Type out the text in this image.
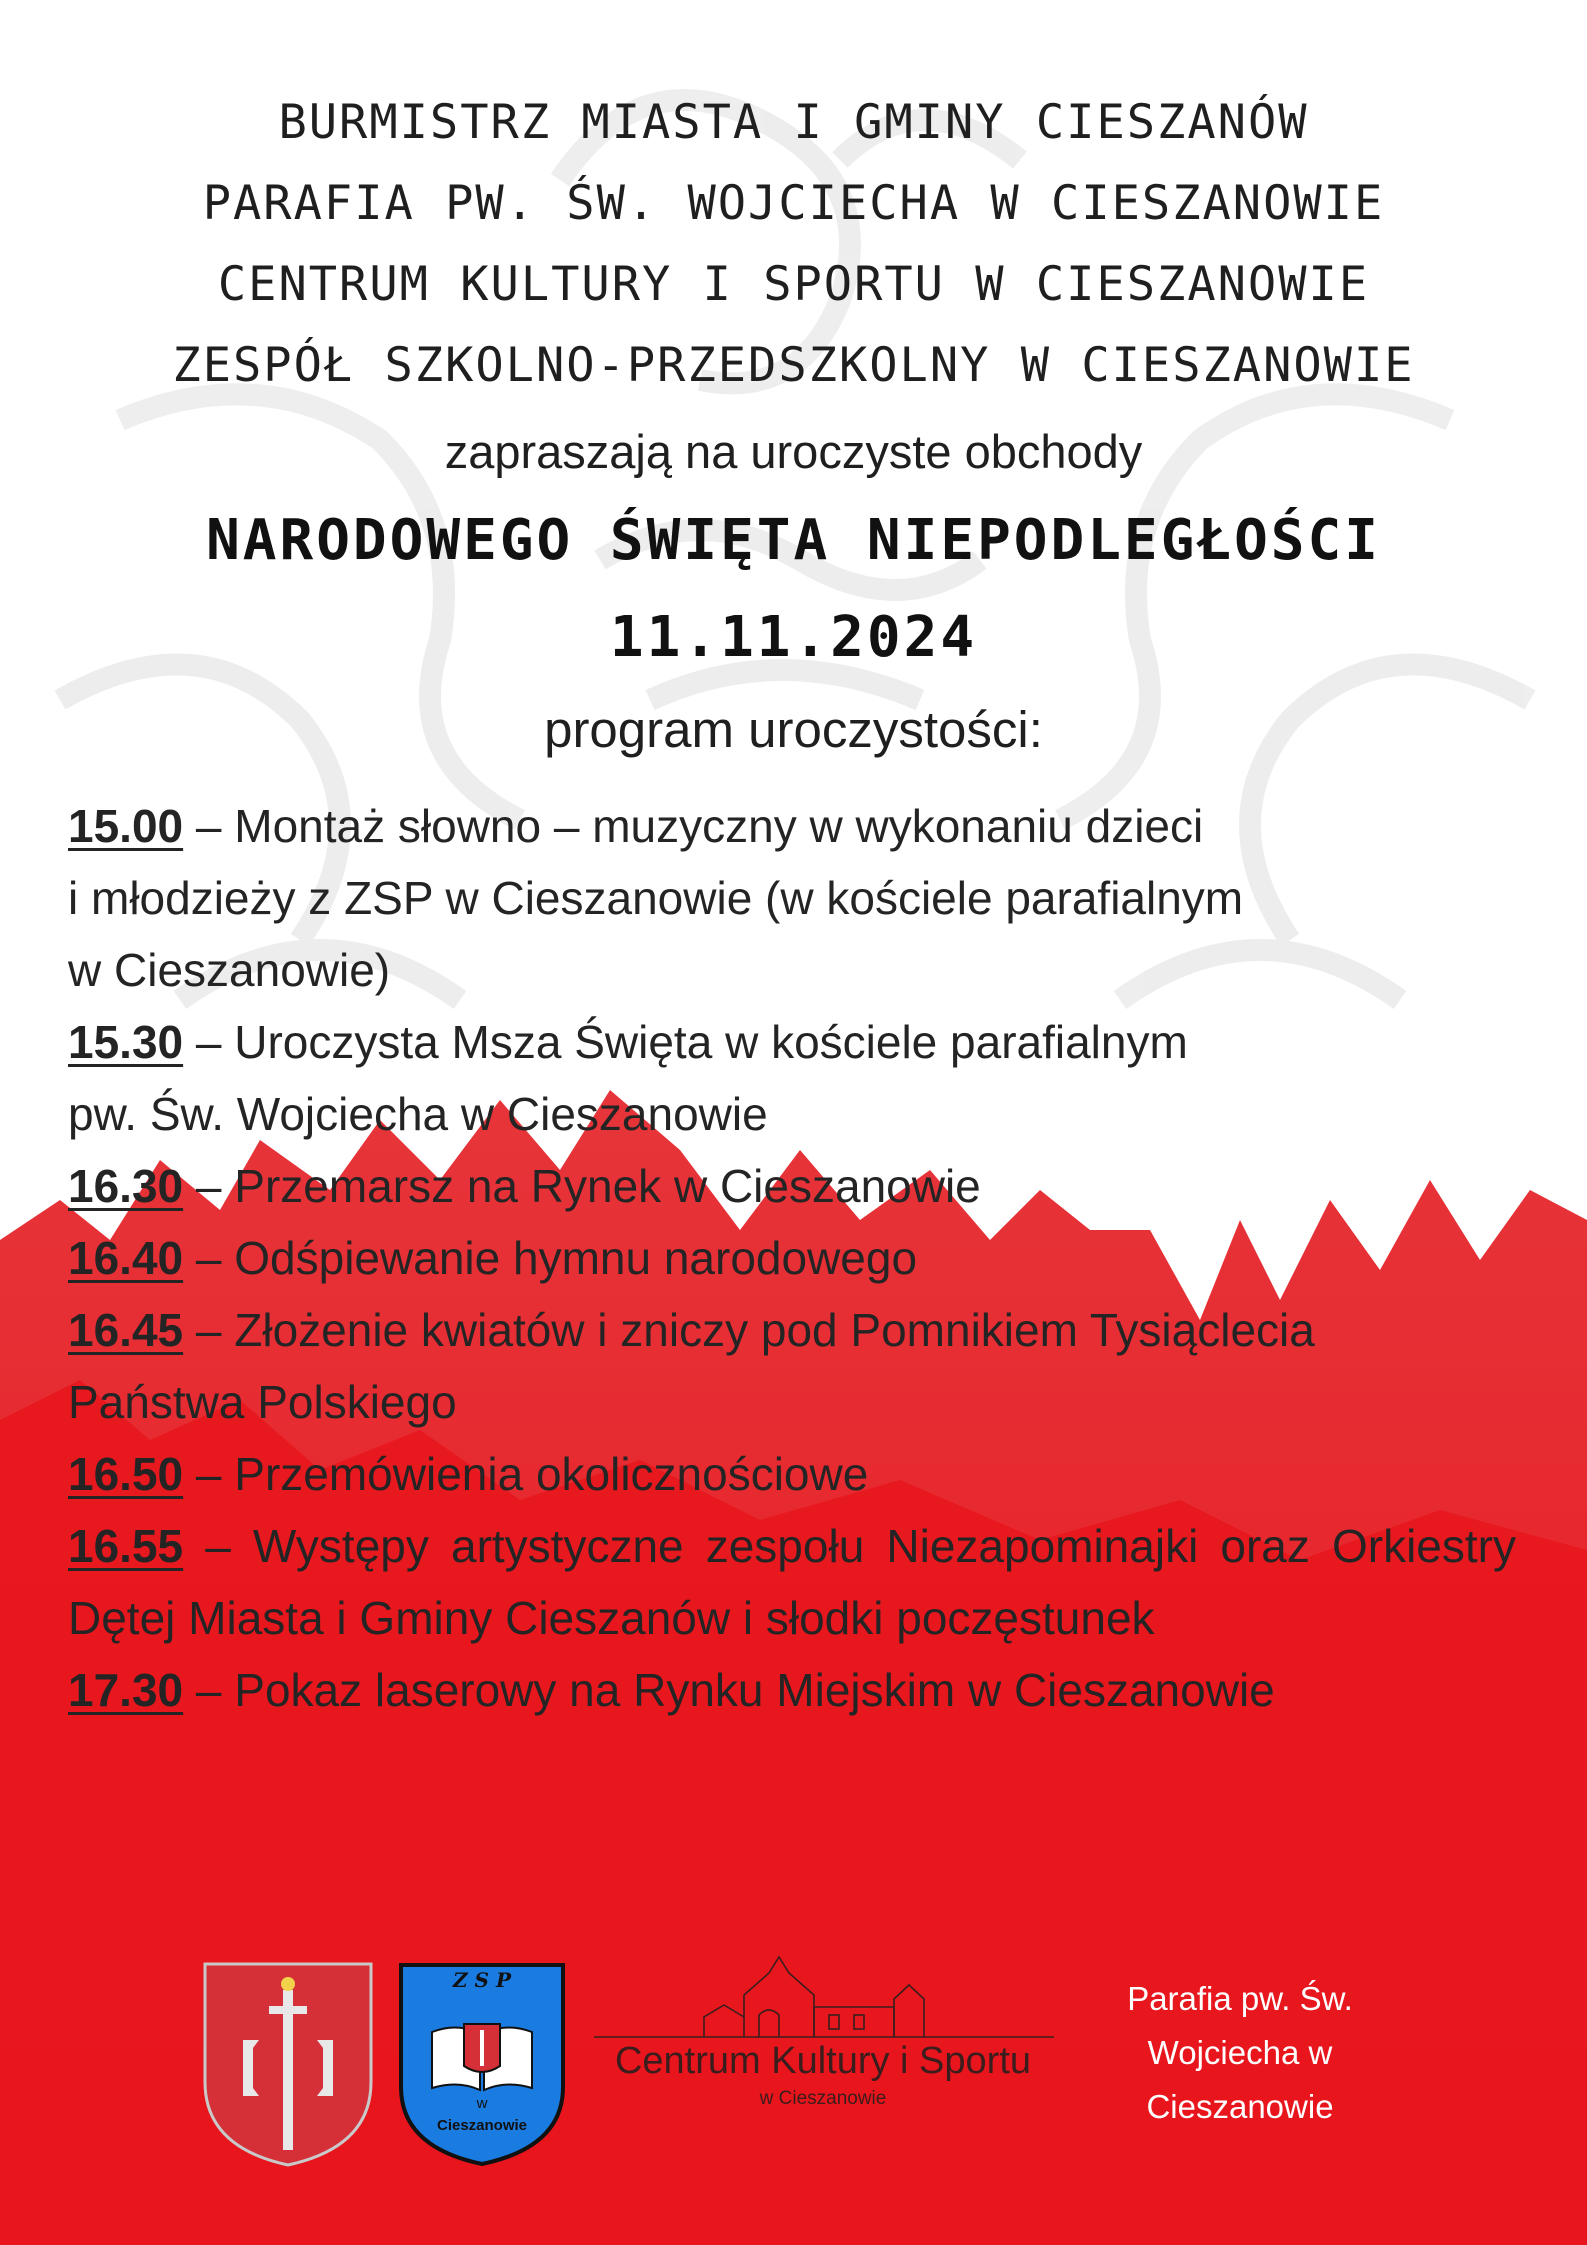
BURMISTRZ MIASTA I GMINY CIESZANÓW
PARAFIA PW. ŚW. WOJCIECHA W CIESZANOWIE
CENTRUM KULTURY I SPORTU W CIESZANOWIE
ZESPÓŁ SZKOLNO-PRZEDSZKOLNY W CIESZANOWIE
zapraszają na uroczyste obchody
NARODOWEGO ŚWIĘTA NIEPODLEGŁOŚCI
11.11.2024
program uroczystości:

15.00 – Montaż słowno – muzyczny w wykonaniu dzieci
i młodzieży z ZSP w Cieszanowie (w kościele parafialnym
w Cieszanowie)

15.30 – Uroczysta Msza Święta w kościele parafialnym
pw. Św. Wojciecha w Cieszanowie

16.30 – Przemarsz na Rynek w Cieszanowie

16.40 – Odśpiewanie hymnu narodowego

16.45 – Złożenie kwiatów i zniczy pod Pomnikiem Tysiąclecia
Państwa Polskiego

16.50 – Przemówienia okolicznościowe

16.55 – Występy artystyczne zespołu Niezapominajki oraz Orkiestry Dętej Miasta i Gminy Cieszanów i słodki poczęstunek

17.30 – Pokaz laserowy na Rynku Miejskim w Cieszanowie

Z S P
w
Cieszanowie
Centrum Kultury i Sportu
w Cieszanowie
Parafia pw. Św.
Wojciecha w
Cieszanowie
